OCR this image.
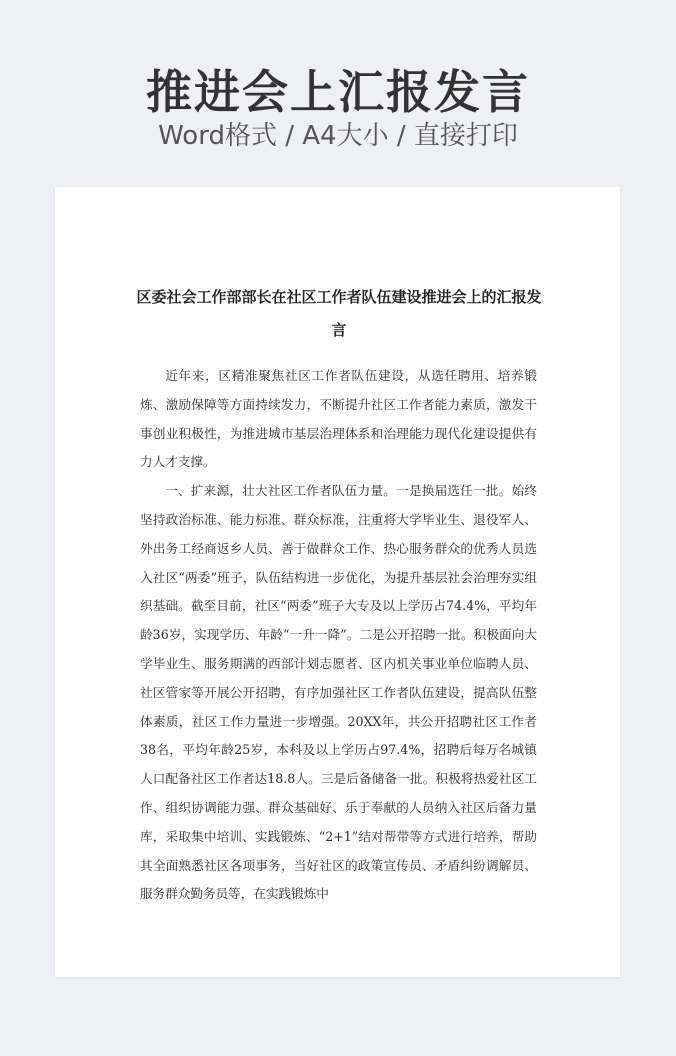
推进会上汇报发言
Word格式 / A4大小 / 直接打印
区委社会工作部部长在社区工作者队伍建设推进会上的汇报发言

近年来，区精准聚焦社区工作者队伍建设，从选任聘用、培养锻炼、激励保障等方面持续发力，不断提升社区工作者能力素质，激发干事创业积极性，为推进城市基层治理体系和治理能力现代化建设提供有力人才支撑。

一、扩来源，壮大社区工作者队伍力量。一是换届选任一批。始终坚持政治标准、能力标准、群众标准，注重将大学毕业生、退役军人、外出务工经商返乡人员、善于做群众工作、热心服务群众的优秀人员选入社区“两委”班子，队伍结构进一步优化，为提升基层社会治理夯实组织基础。截至目前，社区“两委”班子大专及以上学历占74.4%，平均年龄36岁，实现学历、年龄“一升一降”。二是公开招聘一批。积极面向大学毕业生、服务期满的西部计划志愿者、区内机关事业单位临聘人员、社区管家等开展公开招聘，有序加强社区工作者队伍建设，提高队伍整体素质，社区工作力量进一步增强。20XX年，共公开招聘社区工作者38名，平均年龄25岁，本科及以上学历占97.4%，招聘后每万名城镇人口配备社区工作者达18.8人。三是后备储备一批。积极将热爱社区工作、组织协调能力强、群众基础好、乐于奉献的人员纳入社区后备力量库，采取集中培训、实践锻炼、“2+1”结对帮带等方式进行培养，帮助其全面熟悉社区各项事务，当好社区的政策宣传员、矛盾纠纷调解员、服务群众勤务员等，在实践锻炼中
